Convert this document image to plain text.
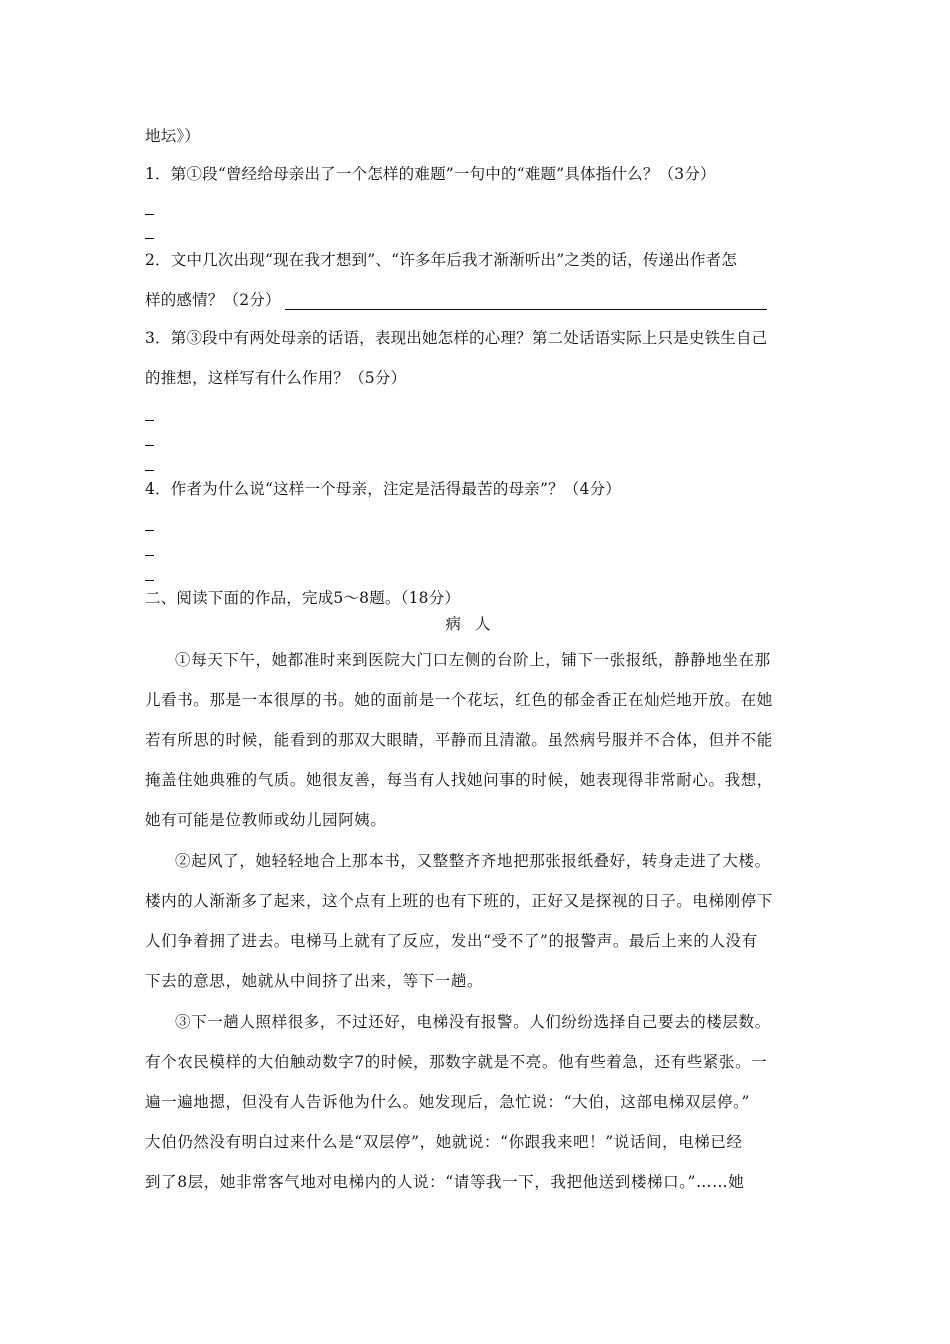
地坛》）
1．第①段“曾经给母亲出了一个怎样的难题”一句中的“难题”具体指什么？（3分）
2．文中几次出现“现在我才想到”、“许多年后我才渐渐听出”之类的话，传递出作者怎
样的感情？（2分）
3．第③段中有两处母亲的话语，表现出她怎样的心理？第二处话语实际上只是史铁生自己
的推想，这样写有什么作用？（5分）
4．作者为什么说“这样一个母亲，注定是活得最苦的母亲”？（4分）
二、阅读下面的作品，完成5～8题。（18分）
病人
①每天下午，她都准时来到医院大门口左侧的台阶上，铺下一张报纸，静静地坐在那
儿看书。那是一本很厚的书。她的面前是一个花坛，红色的郁金香正在灿烂地开放。在她
若有所思的时候，能看到的那双大眼睛，平静而且清澈。虽然病号服并不合体，但并不能
掩盖住她典雅的气质。她很友善，每当有人找她问事的时候，她表现得非常耐心。我想，
她有可能是位教师或幼儿园阿姨。
②起风了，她轻轻地合上那本书，又整整齐齐地把那张报纸叠好，转身走进了大楼。
楼内的人渐渐多了起来，这个点有上班的也有下班的，正好又是探视的日子。电梯刚停下
人们争着拥了进去。电梯马上就有了反应，发出“受不了”的报警声。最后上来的人没有
下去的意思，她就从中间挤了出来，等下一趟。
③下一趟人照样很多，不过还好，电梯没有报警。人们纷纷选择自己要去的楼层数。
有个农民模样的大伯触动数字7的时候，那数字就是不亮。他有些着急，还有些紧张。一
遍一遍地摁，但没有人告诉他为什么。她发现后，急忙说：“大伯，这部电梯双层停。”
大伯仍然没有明白过来什么是“双层停”，她就说：“你跟我来吧！”说话间，电梯已经
到了8层，她非常客气地对电梯内的人说：“请等我一下，我把他送到楼梯口。”……她
